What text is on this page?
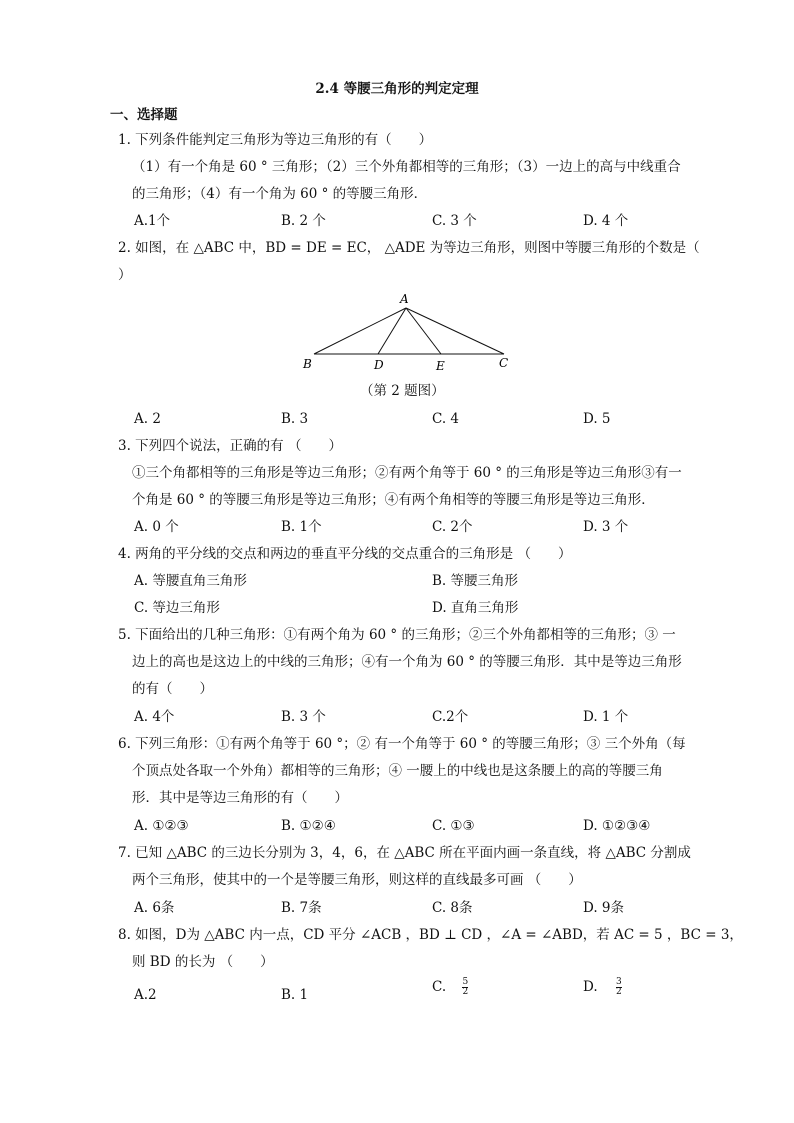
2.4 等腰三角形的判定定理
一、选择题
1. 下列条件能判定三角形为等边三角形的有（　　）
（1）有一个角是 60 ° 三角形；（2）三个外角都相等的三角形；（3）一边上的高与中线重合
的三角形；（4）有一个角为 60 ° 的等腰三角形．
A.1个	B. 2 个	C. 3 个	D. 4 个
2. 如图，在 △ABC 中，BD = DE = EC， △ADE 为等边三角形，则图中等腰三角形的个数是（
）
A
B	D	E	C
（第 2 题图）
A. 2	B. 3	C. 4	D. 5
3. 下列四个说法，正确的有 （　　）
①三个角都相等的三角形是等边三角形；②有两个角等于 60 ° 的三角形是等边三角形③有一
个角是 60 ° 的等腰三角形是等边三角形；④有两个角相等的等腰三角形是等边三角形．
A. 0 个	B. 1个	C. 2个	D. 3 个
4. 两角的平分线的交点和两边的垂直平分线的交点重合的三角形是 （　　）
A. 等腰直角三角形	B. 等腰三角形
C. 等边三角形	D. 直角三角形
5. 下面给出的几种三角形：①有两个角为 60 ° 的三角形；②三个外角都相等的三角形；③ 一
边上的高也是这边上的中线的三角形；④有一个角为 60 ° 的等腰三角形．其中是等边三角形
的有（　　）
A. 4个	B. 3 个	C.2个	D. 1 个
6. 下列三角形：①有两个角等于 60 °；② 有一个角等于 60 ° 的等腰三角形；③ 三个外角（每
个顶点处各取一个外角）都相等的三角形；④ 一腰上的中线也是这条腰上的高的等腰三角
形．其中是等边三角形的有（　　）
A. ①②③	B. ①②④	C. ①③	D. ①②③④
7. 已知 △ABC 的三边长分别为 3，4，6，在 △ABC 所在平面内画一条直线，将 △ABC 分割成
两个三角形，使其中的一个是等腰三角形，则这样的直线最多可画 （　　）
A. 6条	B. 7条	C. 8条	D. 9条
8. 如图，D为 △ABC 内一点，CD 平分 ∠ACB ，BD ⊥ CD ，∠A = ∠ABD，若 AC = 5 ，BC = 3，
则 BD 的长为 （　　）
A.2	B. 1	C. $\frac{5}{2}$	D. $\frac{3}{2}$
